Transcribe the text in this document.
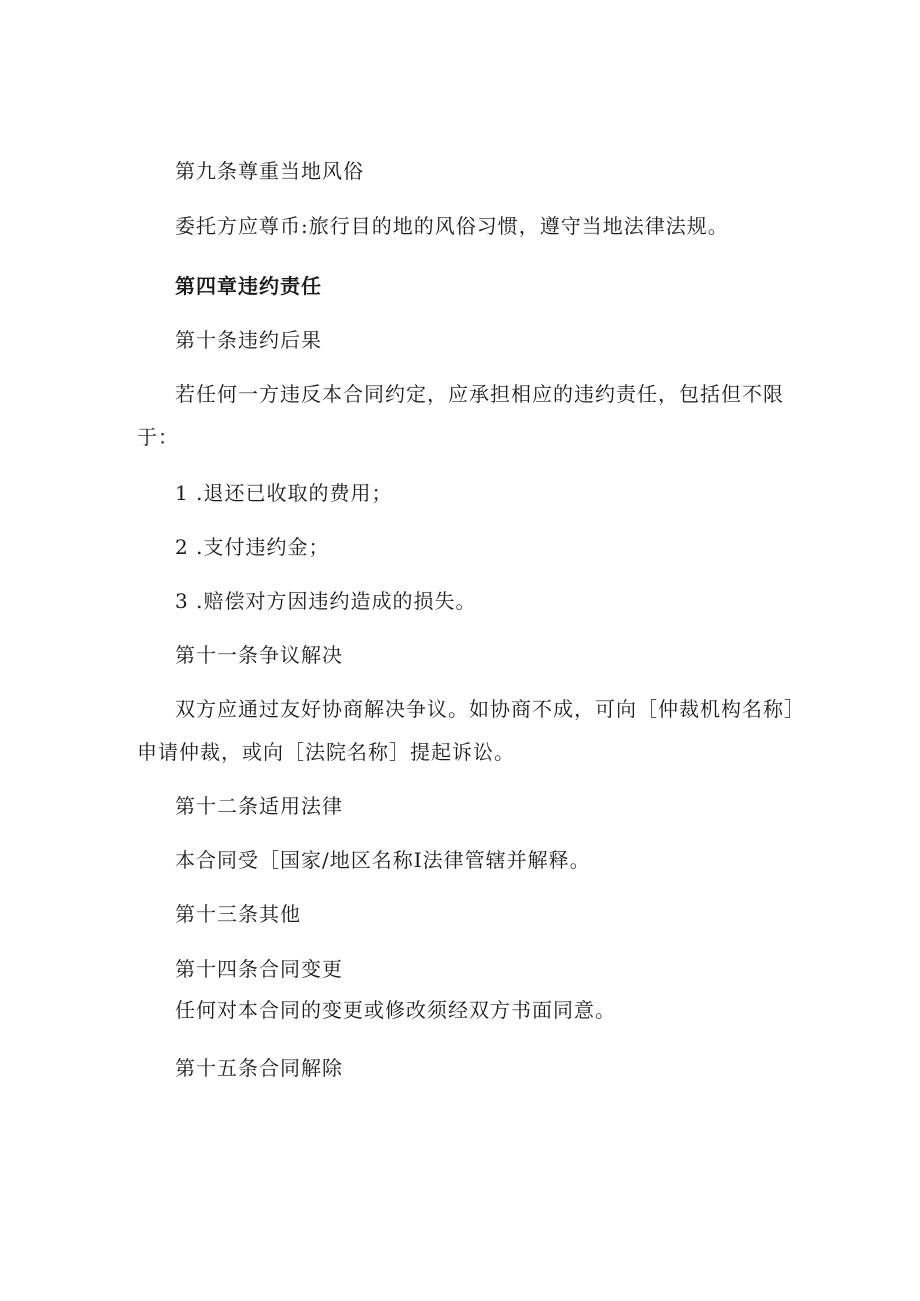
第九条尊重当地风俗
委托方应尊币:旅行目的地的风俗习惯，遵守当地法律法规。
第四章违约责任
第十条违约后果
若任何一方违反本合同约定，应承担相应的违约责任，包括但不限
于：
1 .退还已收取的费用；
2 .支付违约金；
3 .赔偿对方因违约造成的损失。
第十一条争议解决
双方应通过友好协商解决争议。如协商不成，可向［仲裁机构名称］
申请仲裁，或向［法院名称］提起诉讼。
第十二条适用法律
本合同受［国家/地区名称I法律管辖并解释。
第十三条其他
第十四条合同变更
任何对本合同的变更或修改须经双方书面同意。
第十五条合同解除
